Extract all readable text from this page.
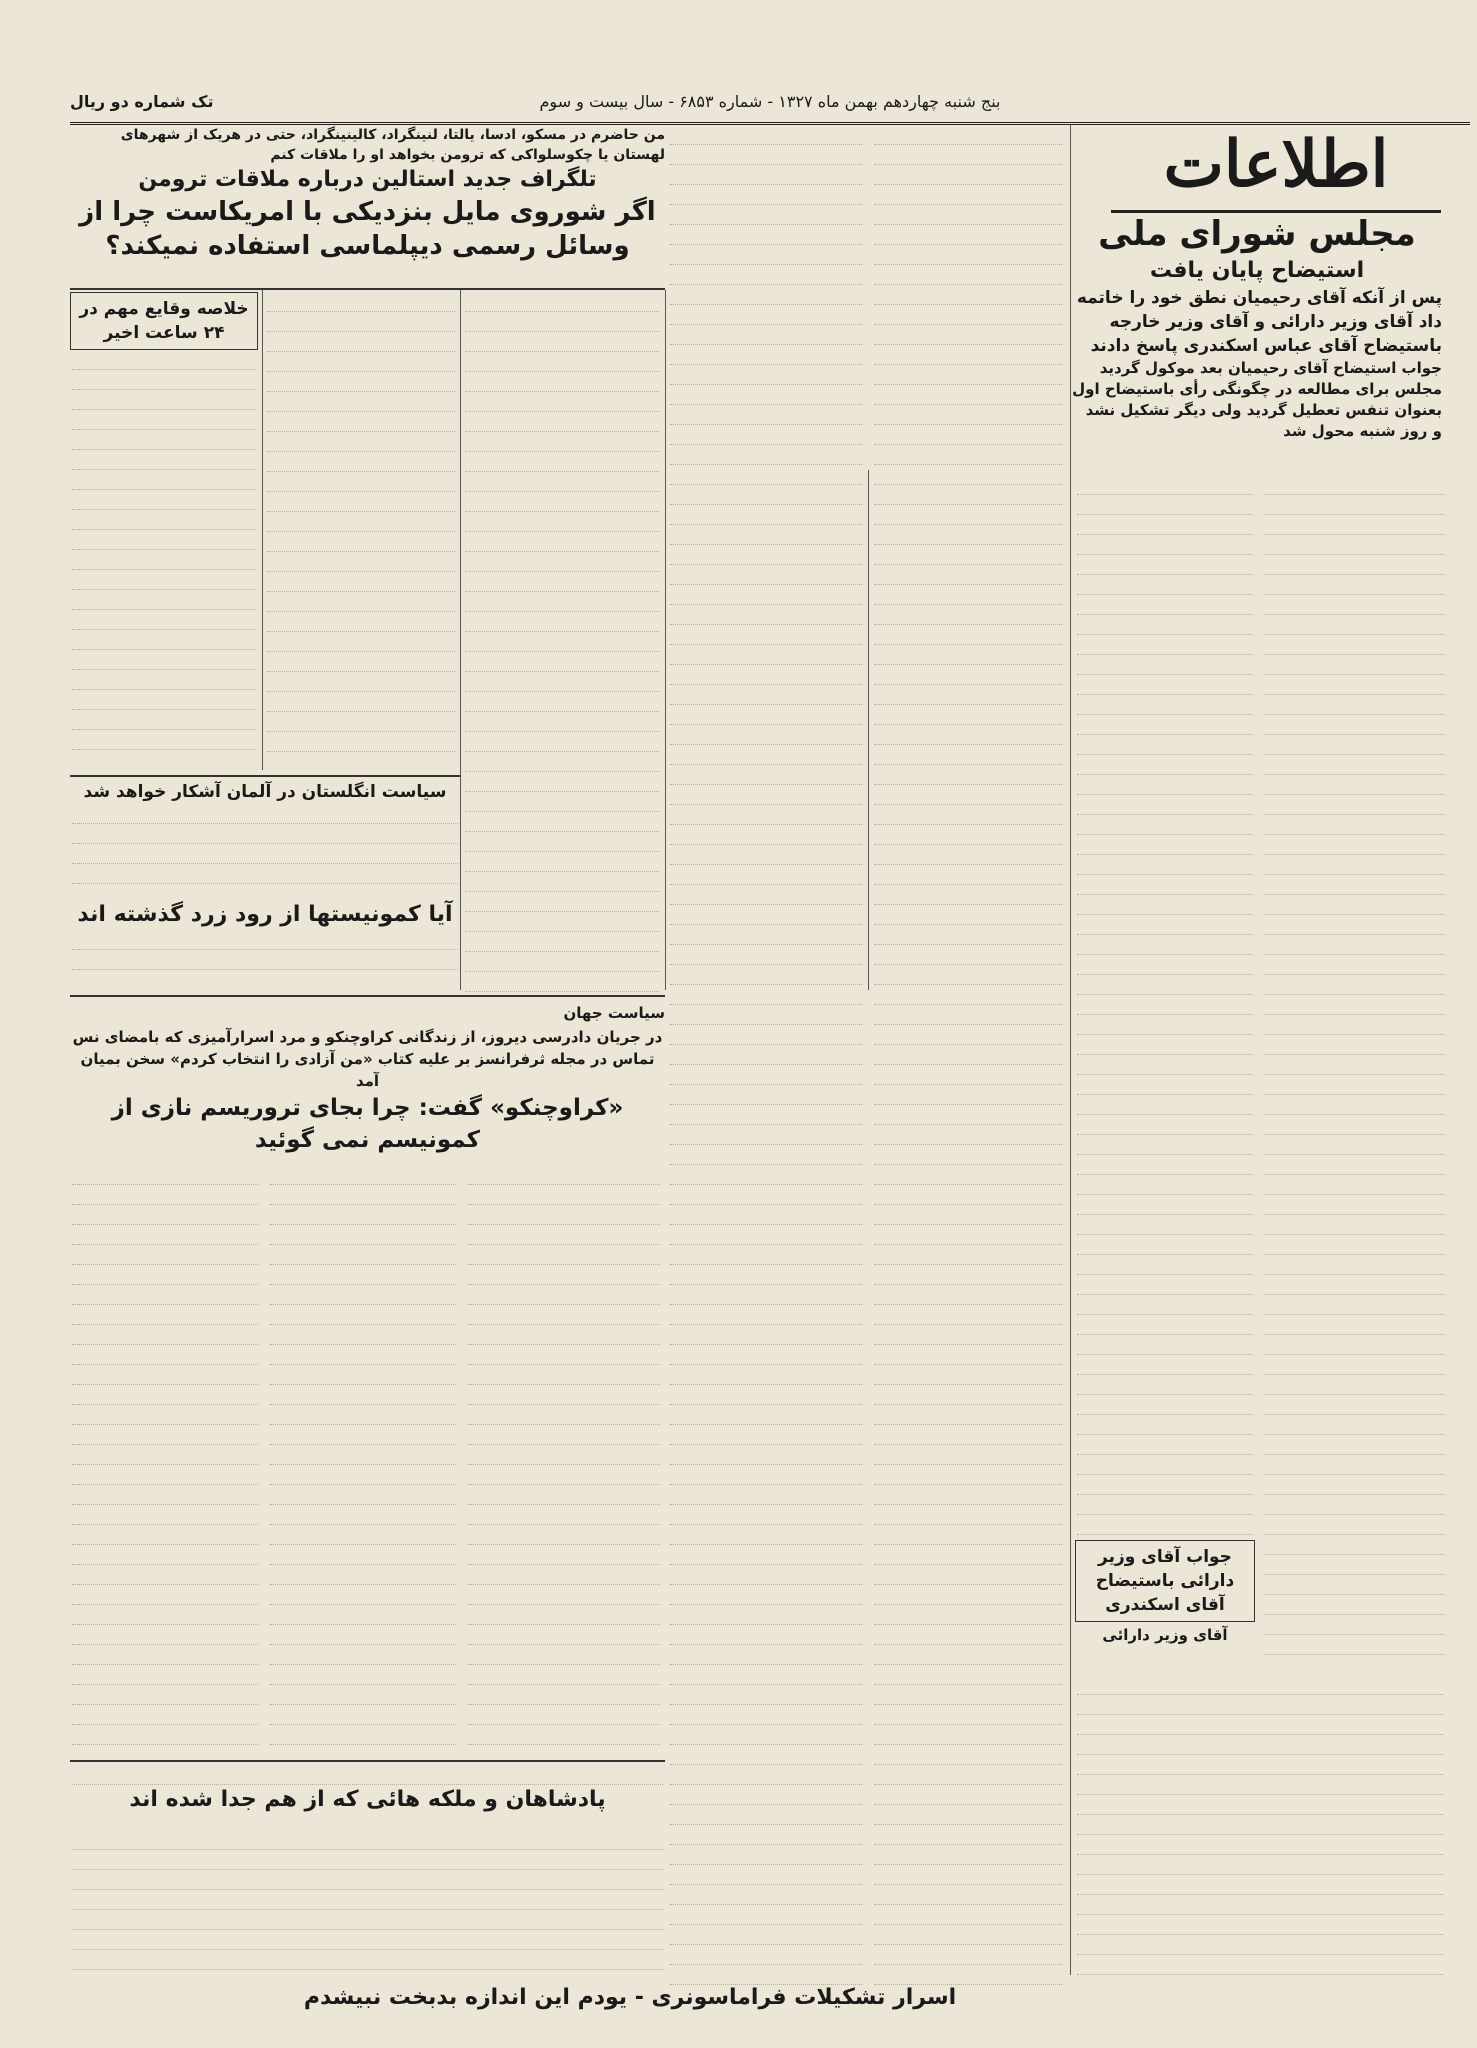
تک شماره دو ریال	بنج شنبه چهاردهم بهمن ماه ۱۳۲۷ - شماره ۶۸۵۳ - سال بیست و سوم
اطلاعات
مجلس شورای ملی
استیضاح پایان یافت
پس از آنکه آقای رحیمیان نطق خود را خاتمه داد آقای وزیر دارائی و آقای وزیر خارجه باستیضاح آقای عباس اسکندری پاسخ دادند
جواب استیضاح آقای رحیمیان بعد موکول گردید مجلس برای مطالعه در چگونگی رأی باستیضاح اول بعنوان تنفس تعطیل گردید ولی دیگر تشکیل نشد و روز شنبه محول شد
جواب آقای وزیر دارائی باستیضاح آقای اسکندری
آقای وزیر دارائی
من حاضرم در مسکو، ادسا، یالتا، لنینگراد، کالینینگراد، حتی در هریک از شهرهای لهستان یا چکوسلواکی که ترومن بخواهد او را ملاقات کنم
تلگراف جدید استالین درباره ملاقات ترومن
اگر شوروی مایل بنزدیکی با امریکاست چرا از وسائل رسمی دیپلماسی استفاده نمیکند؟
خلاصه وقایع مهم در ۲۴ ساعت اخیر
سیاست انگلستان در آلمان آشکار خواهد شد
آیا کمونیستها از رود زرد گذشته اند
سیاست جهان
در جریان دادرسی دیروز، از زندگانی کراوچنکو و مرد اسرارآمیزی که بامضای نس تماس در مجله ثرفرانسز بر علیه کتاب «من آزادی را انتخاب کردم» سخن بمیان آمد
«کراوچنکو» گفت: چرا بجای تروریسم نازی از کمونیسم نمی گوئید
پادشاهان و ملکه هائی که از هم جدا شده اند
اسرار تشکیلات فراماسونری - یودم این اندازه بدبخت نبیشدم
